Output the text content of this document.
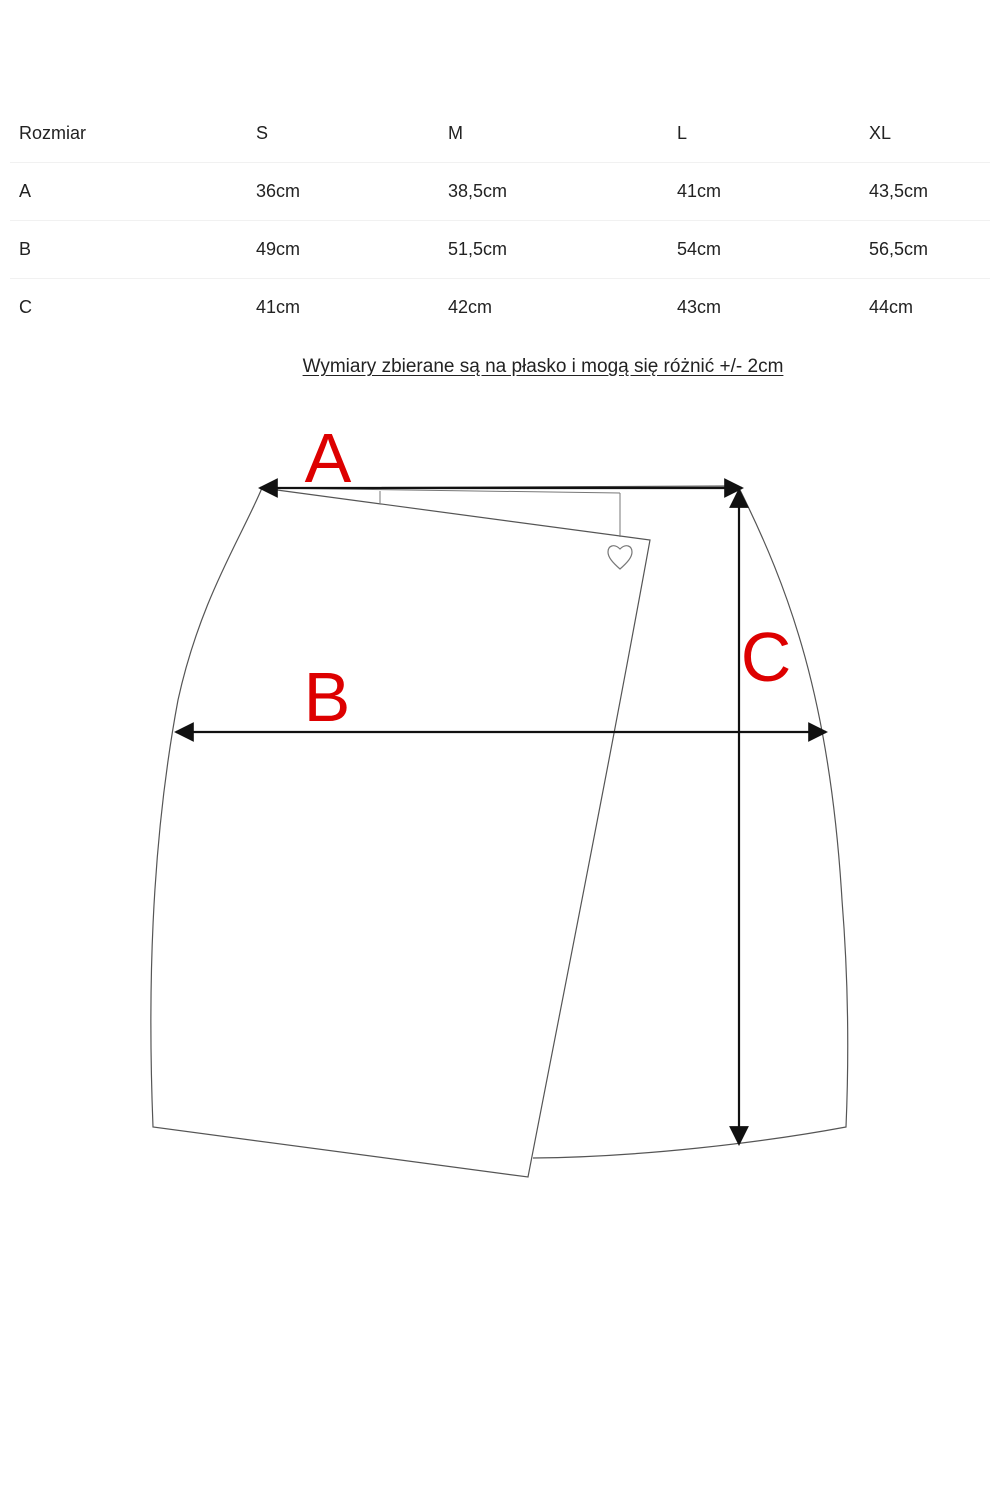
Rozmiar	S	M	L	XL
A	36cm	38,5cm	41cm	43,5cm
B	49cm	51,5cm	54cm	56,5cm
C	41cm	42cm	43cm	44cm
Wymiary zbierane są na płasko i mogą się różnić +/- 2cm
A
B
C
